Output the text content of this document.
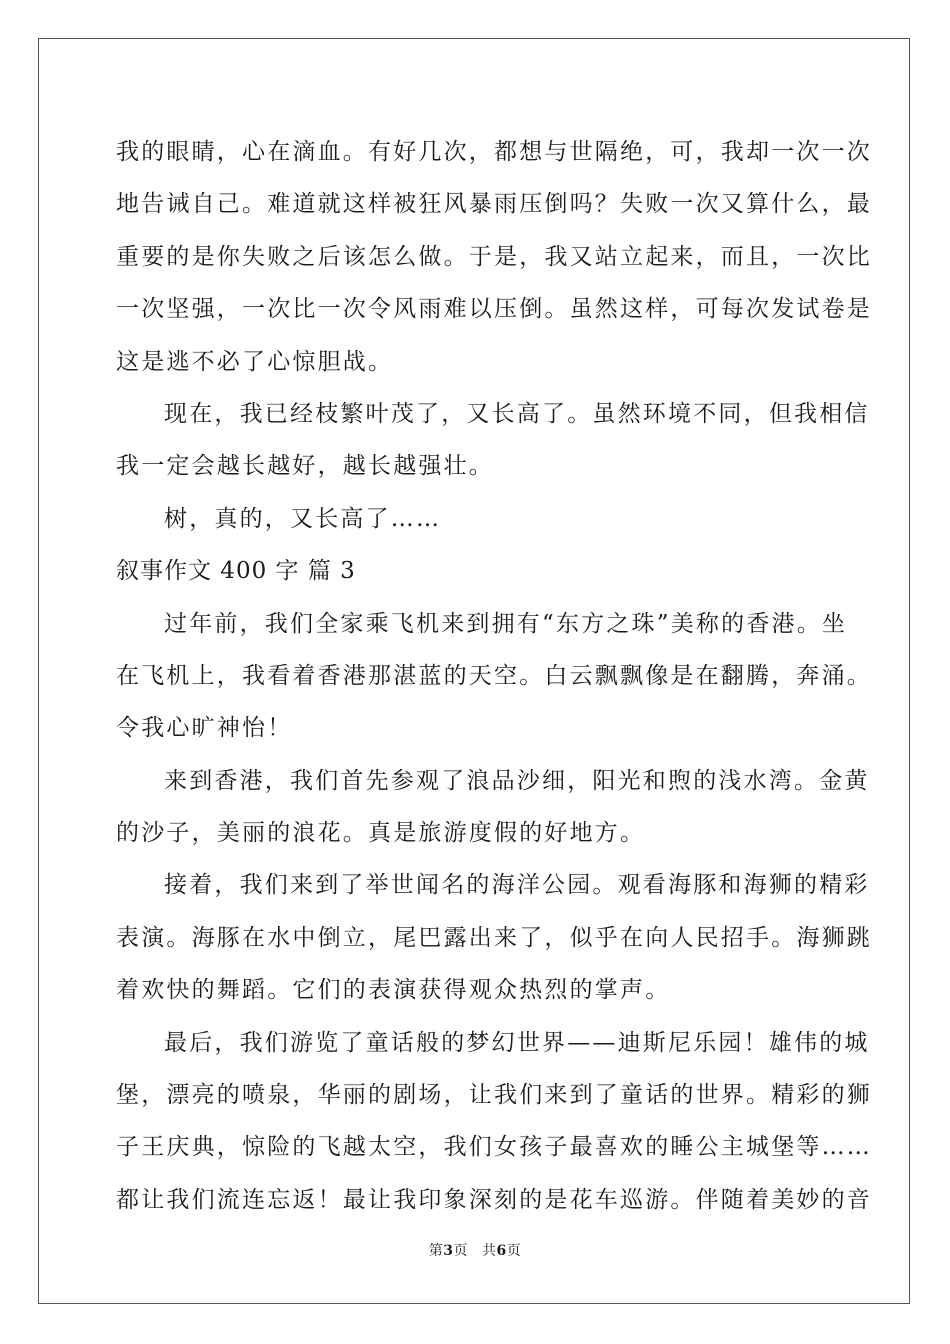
我的眼睛，心在滴血。有好几次，都想与世隔绝，可，我却一次一次
地告诫自己。难道就这样被狂风暴雨压倒吗？失败一次又算什么，最
重要的是你失败之后该怎么做。于是，我又站立起来，而且，一次比
一次坚强，一次比一次令风雨难以压倒。虽然这样，可每次发试卷是
这是逃不必了心惊胆战。
现在，我已经枝繁叶茂了，又长高了。虽然环境不同，但我相信
我一定会越长越好，越长越强壮。
树，真的，又长高了……
叙事作文 400 字 篇 3
过年前，我们全家乘飞机来到拥有“东方之珠”美称的香港。坐
在飞机上，我看着香港那湛蓝的天空。白云飘飘像是在翻腾，奔涌。
令我心旷神怡！
来到香港，我们首先参观了浪品沙细，阳光和煦的浅水湾。金黄
的沙子，美丽的浪花。真是旅游度假的好地方。
接着，我们来到了举世闻名的海洋公园。观看海豚和海狮的精彩
表演。海豚在水中倒立，尾巴露出来了，似乎在向人民招手。海狮跳
着欢快的舞蹈。它们的表演获得观众热烈的掌声。
最后，我们游览了童话般的梦幻世界——迪斯尼乐园！雄伟的城
堡，漂亮的喷泉，华丽的剧场，让我们来到了童话的世界。精彩的狮
子王庆典，惊险的飞越太空，我们女孩子最喜欢的睡公主城堡等……
都让我们流连忘返！最让我印象深刻的是花车巡游。伴随着美妙的音
第3页 共6页
